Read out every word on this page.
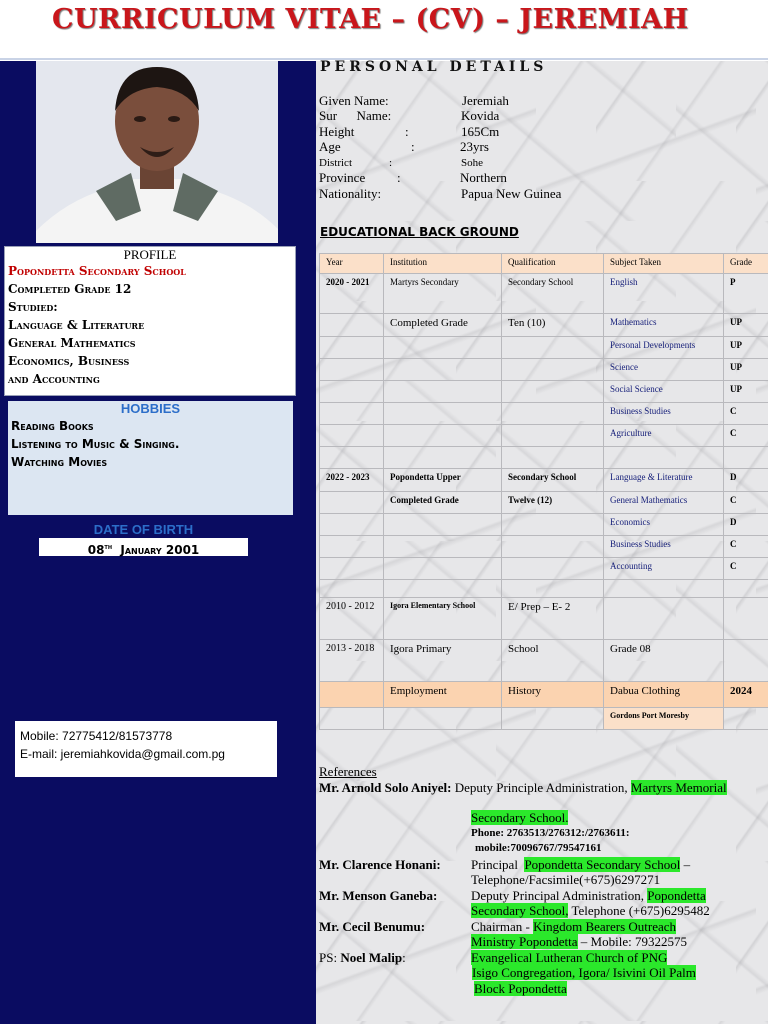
CURRICULUM VITAE – (CV) – JEREMIAH
PROFILE
Popondetta Secondary School
Completed Grade 12
Studied:
Language & Literature
General Mathematics
Economics, Business
and Accounting
HOBBIES
Reading Books
Listening to Music & Singing.
Watching Movies
DATE OF BIRTH
08th January 2001
Mobile: 72775412/81573778
E-mail: jeremiahkovida@gmail.com.pg
PERSONAL DETAILS
Given Name:	Jeremiah
Sur      Name:	Kovida
Height	:	165Cm
Age	:	23yrs
District	:	Sohe
Province :	Northern
Nationality:	Papua New Guinea
EDUCATIONAL BACK GROUND
Year	Institution	Qualification	Subject Taken	Grade
2020 - 2021	Martyrs Secondary	Secondary School	English	P
	Completed Grade	Ten (10)	Mathematics	UP
			Personal Developments	UP
			Science	UP
			Social Science	UP
			Business Studies	C
			Agriculture	C

2022 - 2023	Popondetta Upper	Secondary School	Language & Literature	D
	Completed Grade	Twelve (12)	General Mathematics	C
			Economics	D
			Business Studies	C
			Accounting	C

2010 - 2012	Igora Elementary School	E/ Prep – E- 2		
2013 - 2018	Igora Primary	School	Grade 08	
	Employment	History	Dabua Clothing	2024
			Gordons Port Moresby	
References
Mr. Arnold Solo Aniyel: Deputy Principle Administration, Martyrs Memorial
Secondary School.
Phone: 2763513/276312:/2763611:
mobile:70096767/79547161
Mr. Clarence Honani: Principal Popondetta Secondary School –
Telephone/Facsimile(+675)6297271
Mr. Menson Ganeba:	Deputy Principal Administration, Popondetta
Secondary School, Telephone (+675)6295482
Mr. Cecil Benumu:	Chairman - Kingdom Bearers Outreach
Ministry Popondetta – Mobile: 79322575
PS: Noel Malip:	Evangelical Lutheran Church of PNG
Isigo Congregation, Igora/ Isivini Oil Palm
Block Popondetta
